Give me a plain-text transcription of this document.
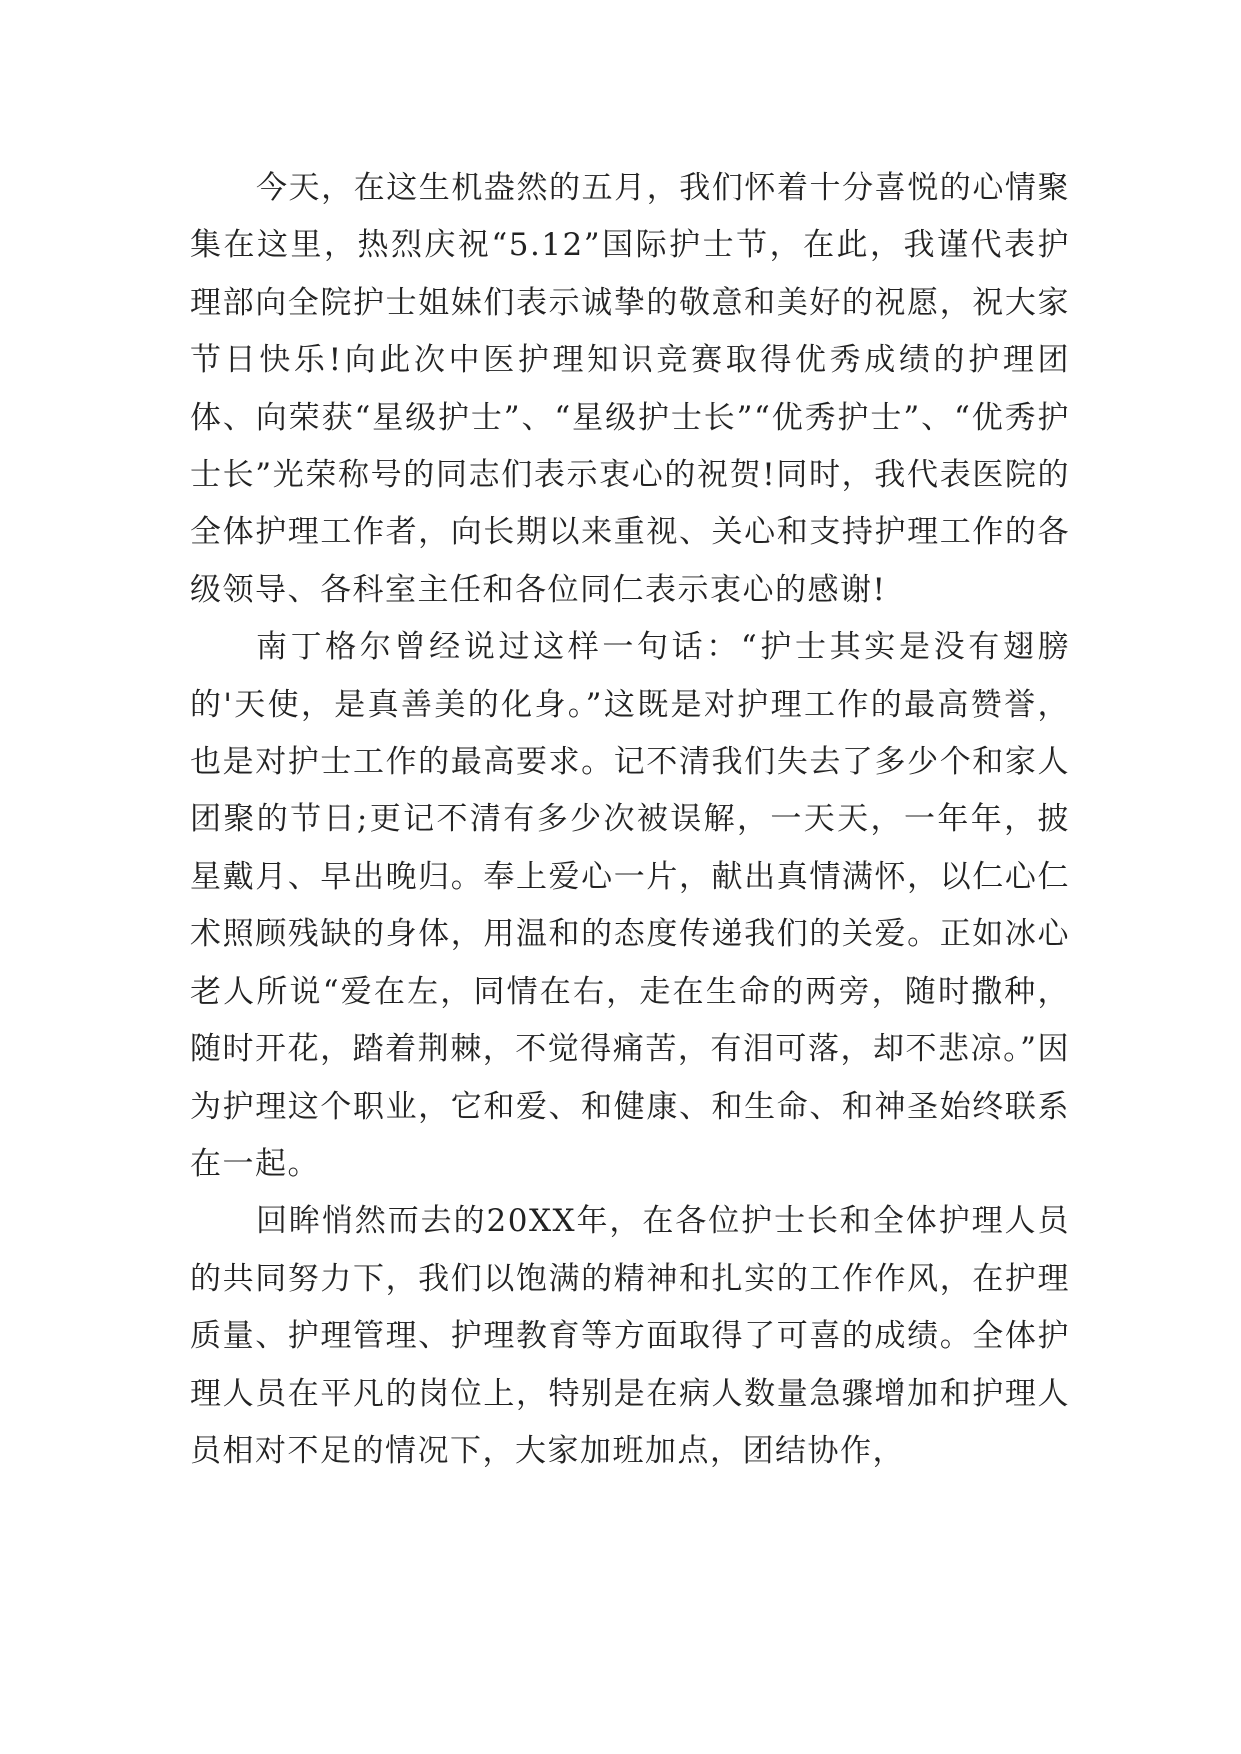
今天，在这生机盎然的五月，我们怀着十分喜悦的心情聚集在这里，热烈庆祝“5.12”国际护士节，在此，我谨代表护理部向全院护士姐妹们表示诚挚的敬意和美好的祝愿，祝大家节日快乐!向此次中医护理知识竞赛取得优秀成绩的护理团体、向荣获“星级护士”、“星级护士长”“优秀护士”、“优秀护士长”光荣称号的同志们表示衷心的祝贺!同时，我代表医院的全体护理工作者，向长期以来重视、关心和支持护理工作的各级领导、各科室主任和各位同仁表示衷心的感谢!

南丁格尔曾经说过这样一句话：“护士其实是没有翅膀的'天使，是真善美的化身。”这既是对护理工作的最高赞誉，也是对护士工作的最高要求。记不清我们失去了多少个和家人团聚的节日;更记不清有多少次被误解，一天天，一年年，披星戴月、早出晚归。奉上爱心一片，献出真情满怀，以仁心仁术照顾残缺的身体，用温和的态度传递我们的关爱。正如冰心老人所说“爱在左，同情在右，走在生命的两旁，随时撒种，随时开花，踏着荆棘，不觉得痛苦，有泪可落，却不悲凉。”因为护理这个职业，它和爱、和健康、和生命、和神圣始终联系在一起。

回眸悄然而去的20XX年，在各位护士长和全体护理人员的共同努力下，我们以饱满的精神和扎实的工作作风，在护理质量、护理管理、护理教育等方面取得了可喜的成绩。全体护理人员在平凡的岗位上，特别是在病人数量急骤增加和护理人员相对不足的情况下，大家加班加点，团结协作，
